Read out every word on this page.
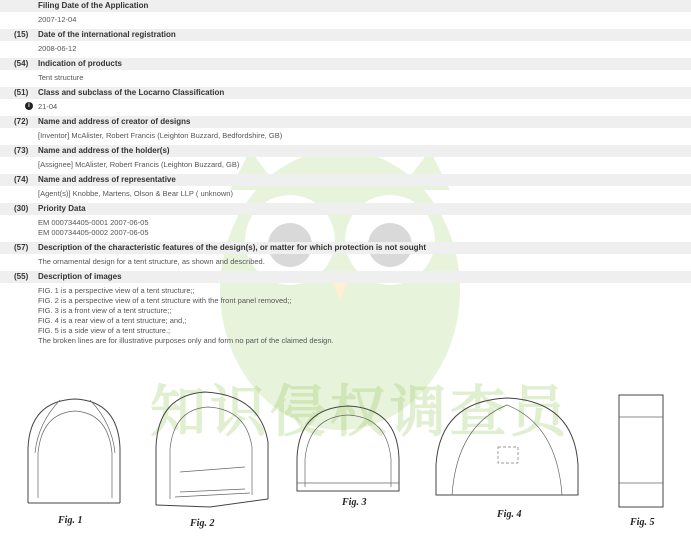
知识侵权调查员
Filing Date of the Application
2007-12-04
(15) Date of the international registration
2008-06-12
(54) Indication of products
Tent structure
(51) Class and subclass of the Locarno Classification
i	21-04
(72) Name and address of creator of designs
[Inventor] McAlister, Robert Francis (Leighton Buzzard, Bedfordshire, GB)
(73) Name and address of the holder(s)
[Assignee] McAlister, Robert Francis (Leighton Buzzard, GB)
(74) Name and address of representative
[Agent(s)] Knobbe, Martens, Olson & Bear LLP ( unknown)
(30) Priority Data
EM 000734405-0001 2007-06-05
EM 000734405-0002 2007-06-05
(57) Description of the characteristic features of the design(s), or matter for which protection is not sought
The ornamental design for a tent structure, as shown and described.
(55) Description of images
FIG. 1 is a perspective view of a tent structure;;
FIG. 2 is a perspective view of a tent structure with the front panel removed;;
FIG. 3 is a front view of a tent structure;;
FIG. 4 is a rear view of a tent structure; and,;
FIG. 5 is a side view of a tent structure.;
The broken lines are for illustrative purposes only and form no part of the claimed design.
Fig. 1	Fig. 2
Fig. 3
Fig. 4
Fig. 5
